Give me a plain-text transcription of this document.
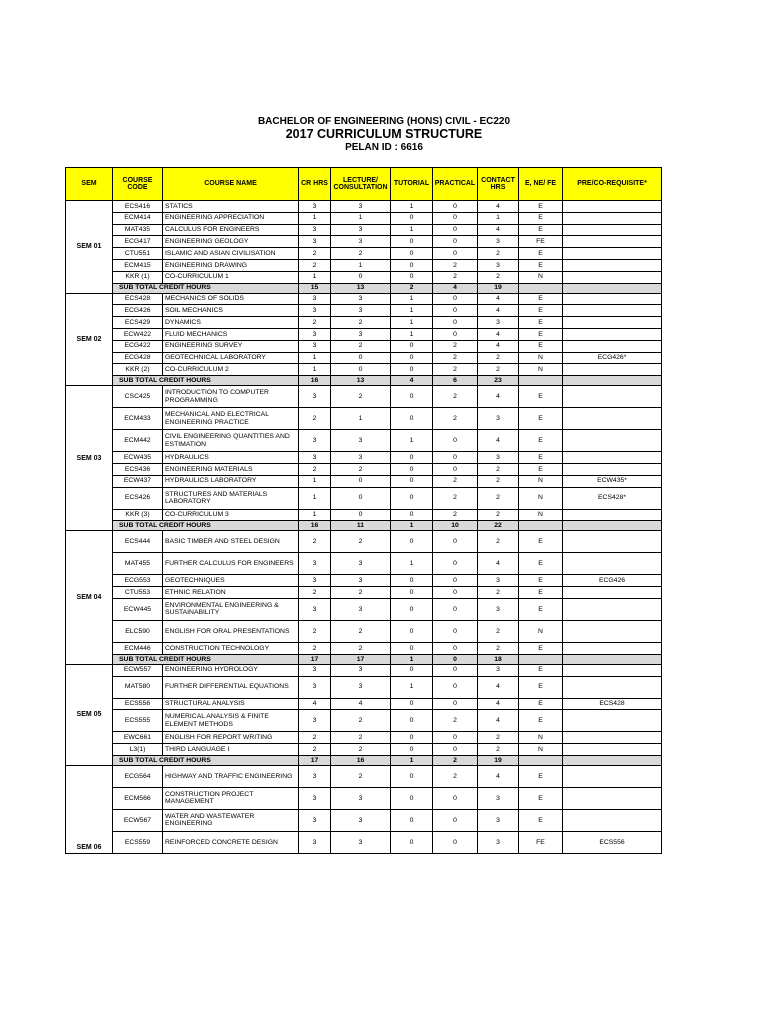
BACHELOR OF ENGINEERING (HONS) CIVIL - EC220
2017 CURRICULUM STRUCTURE
PELAN ID : 6616
SEM	COURSE CODE	COURSE NAME	CR HRS	LECTURE/ CONSULTATION	TUTORIAL	PRACTICAL	CONTACT HRS	E, NE/ FE	PRE/CO-REQUISITE*
SEM 01	ECS416	STATICS	3	3	1	0	4	E	
	ECM414	ENGINEERING APPRECIATION	1	1	0	0	1	E	
	MAT435	CALCULUS FOR ENGINEERS	3	3	1	0	4	E	
	ECG417	ENGINEERING GEOLOGY	3	3	0	0	3	FE	
	CTU551	ISLAMIC AND ASIAN CIVILISATION	2	2	0	0	2	E	
	ECM415	ENGINEERING DRAWING	2	1	0	2	3	E	
	KKR (1)	CO-CURRICULUM 1	1	0	0	2	2	N	
	SUB TOTAL CREDIT HOURS		15	13	2	4	19		
SEM 02	ECS428	MECHANICS OF SOLIDS	3	3	1	0	4	E	
	ECG426	SOIL MECHANICS	3	3	1	0	4	E	
	ECS429	DYNAMICS	2	2	1	0	3	E	
	ECW422	FLUID MECHANICS	3	3	1	0	4	E	
	ECG422	ENGINEERING SURVEY	3	2	0	2	4	E	
	ECG428	GEOTECHNICAL LABORATORY	1	0	0	2	2	N	ECG426*
	KKR (2)	CO-CURRICULUM 2	1	0	0	2	2	N	
	SUB TOTAL CREDIT HOURS		16	13	4	6	23		
SEM 03	CSC425	INTRODUCTION TO COMPUTER PROGRAMMING	3	2	0	2	4	E	
	ECM433	MECHANICAL AND ELECTRICAL ENGINEERING PRACTICE	2	1	0	2	3	E	
	ECM442	CIVIL ENGINEERING QUANTITIES AND ESTIMATION	3	3	1	0	4	E	
	ECW435	HYDRAULICS	3	3	0	0	3	E	
	ECS436	ENGINEERING MATERIALS	2	2	0	0	2	E	
	ECW437	HYDRAULICS LABORATORY	1	0	0	2	2	N	ECW435*
	ECS426	STRUCTURES AND MATERIALS LABORATORY	1	0	0	2	2	N	ECS428*
	KKR (3)	CO-CURRICULUM 3	1	0	0	2	2	N	
	SUB TOTAL CREDIT HOURS		16	11	1	10	22		
SEM 04	ECS444	BASIC TIMBER AND STEEL DESIGN	2	2	0	0	2	E	
	MAT455	FURTHER CALCULUS FOR ENGINEERS	3	3	1	0	4	E	
	ECG553	GEOTECHNIQUES	3	3	0	0	3	E	ECG426
	CTU553	ETHNIC RELATION	2	2	0	0	2	E	
	ECW445	ENVIRONMENTAL ENGINEERING & SUSTAINABILITY	3	3	0	0	3	E	
	ELC590	ENGLISH FOR ORAL PRESENTATIONS	2	2	0	0	2	N	
	ECM446	CONSTRUCTION TECHNOLOGY	2	2	0	0	2	E	
	SUB TOTAL CREDIT HOURS		17	17	1	0	18		
SEM 05	ECW557	ENGINEERING HYDROLOGY	3	3	0	0	3	E	
	MAT580	FURTHER DIFFERENTIAL EQUATIONS	3	3	1	0	4	E	
	ECS556	STRUCTURAL ANALYSIS	4	4	0	0	4	E	ECS428
	ECS555	NUMERICAL ANALYSIS & FINITE ELEMENT METHODS	3	2	0	2	4	E	
	EWC661	ENGLISH FOR REPORT WRITING	2	2	0	0	2	N	
	L3(1)	THIRD LANGUAGE I	2	2	0	0	2	N	
	SUB TOTAL CREDIT HOURS		17	16	1	2	19		
SEM 06	ECG564	HIGHWAY AND TRAFFIC ENGINEERING	3	2	0	2	4	E	
	ECM566	CONSTRUCTION PROJECT MANAGEMENT	3	3	0	0	3	E	
	ECW567	WATER AND WASTEWATER ENGINEERING	3	3	0	0	3	E	
	ECS559	REINFORCED CONCRETE DESIGN	3	3	0	0	3	FE	ECS556
